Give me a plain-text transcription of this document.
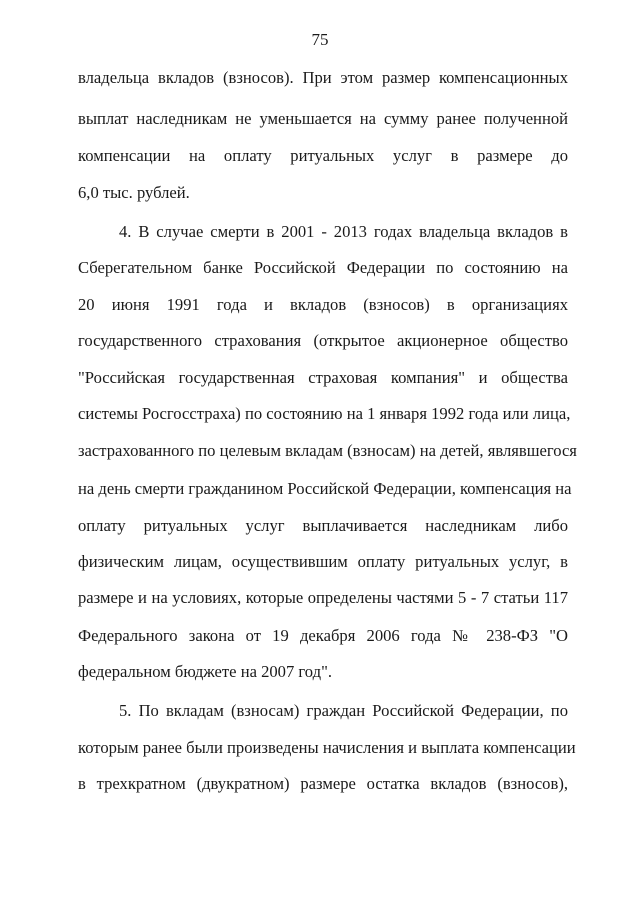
75
владельца вкладов (взносов). При этом размер компенсационных
выплат наследникам не уменьшается на сумму ранее полученной
компенсации на оплату ритуальных услуг в размере до
6,0 тыс. рублей.
4. В случае смерти в 2001 - 2013 годах владельца вкладов в
Сберегательном банке Российской Федерации по состоянию на
20 июня 1991 года и вкладов (взносов) в организациях
государственного страхования (открытое акционерное общество
"Российская государственная страховая компания" и общества
системы Росгосстраха) по состоянию на 1 января 1992 года или лица,
застрахованного по целевым вкладам (взносам) на детей, являвшегося
на день смерти гражданином Российской Федерации, компенсация на
оплату ритуальных услуг выплачивается наследникам либо
физическим лицам, осуществившим оплату ритуальных услуг, в
размере и на условиях, которые определены частями 5 - 7 статьи 117
Федерального закона от 19 декабря 2006 года № 238-ФЗ "О
федеральном бюджете на 2007 год".
5. По вкладам (взносам) граждан Российской Федерации, по
которым ранее были произведены начисления и выплата компенсации
в трехкратном (двукратном) размере остатка вкладов (взносов),
